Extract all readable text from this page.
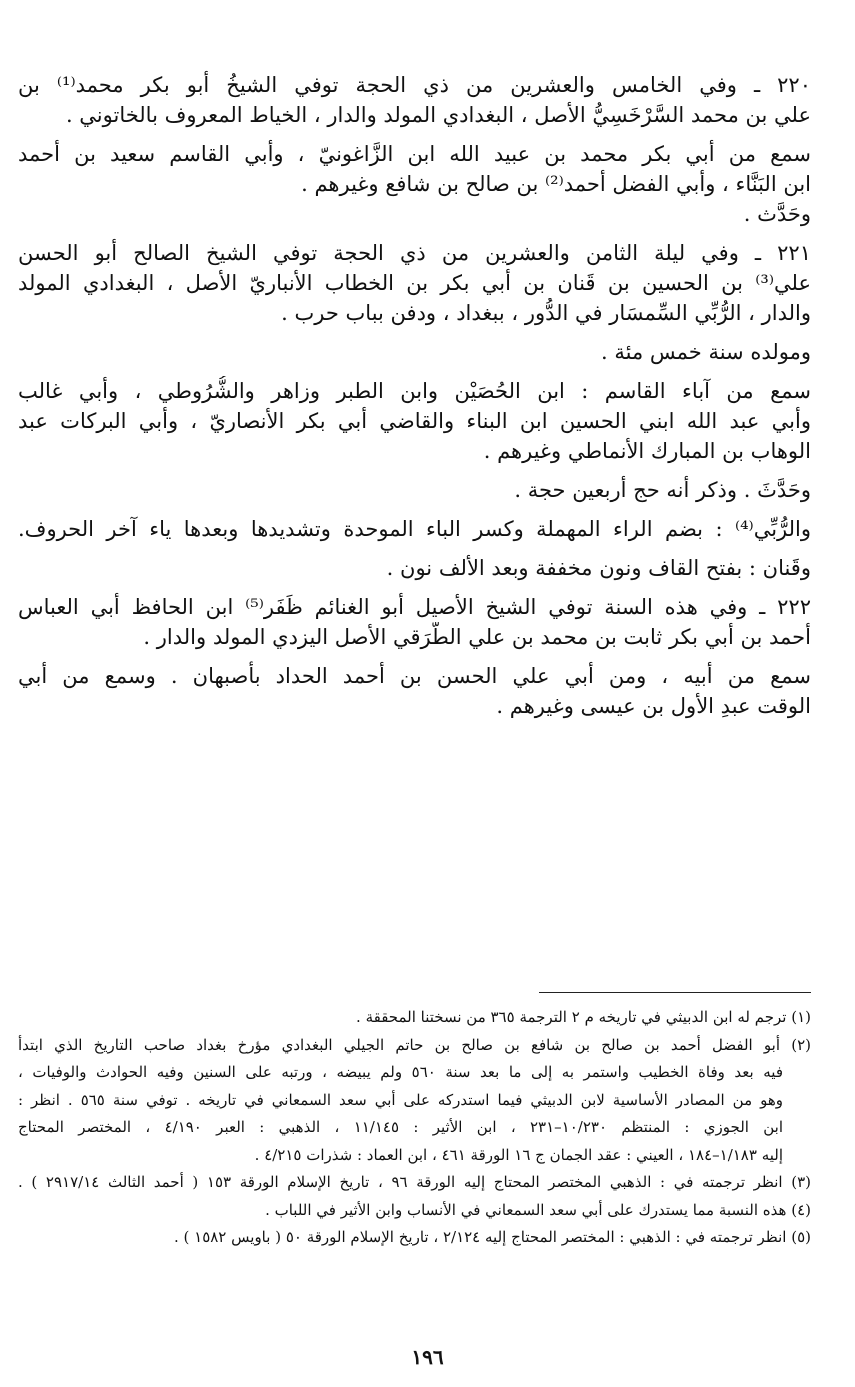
٢٢٠ ـ وفي الخامس والعشرين من ذي الحجة توفي الشيخُ أبو بكر محمد⁽¹⁾ بن
علي بن محمد السَّرْخَسِيُّ الأصل ، البغدادي المولد والدار ، الخياط المعروف بالخاتوني .
سمع من أبي بكر محمد بن عبيد الله ابن الزَّاغونيّ ، وأبي القاسم سعيد بن أحمد
ابن البَنَّاء ، وأبي الفضل أحمد⁽²⁾ بن صالح بن شافع وغيرهم .
وحَدَّث .
٢٢١ ـ وفي ليلة الثامن والعشرين من ذي الحجة توفي الشيخ الصالح أبو الحسن
علي⁽³⁾ بن الحسين بن قَنان بن أبي بكر بن الخطاب الأنباريّ الأصل ، البغدادي المولد
والدار ، الرُّبِّي السِّمسَار في الدُّور ، ببغداد ، ودفن بباب حرب .
ومولده سنة خمس مئة .
سمع من آباء القاسم : ابن الحُصَيْن وابن الطبر وزاهر والشُّرُوطي ، وأبي غالب
وأبي عبد الله ابني الحسين ابن البناء والقاضي أبي بكر الأنصاريّ ، وأبي البركات عبد
الوهاب بن المبارك الأنماطي وغيرهم .
وحَدَّثَ . وذكر أنه حج أربعين حجة .
والرُّبِّي⁽⁴⁾ : بضم الراء المهملة وكسر الباء الموحدة وتشديدها وبعدها ياء آخر الحروف.
وقَنان : بفتح القاف ونون مخففة وبعد الألف نون .
٢٢٢ ـ وفي هذه السنة توفي الشيخ الأصيل أبو الغنائم ظَفَر⁽⁵⁾ ابن الحافظ أبي العباس
أحمد بن أبي بكر ثابت بن محمد بن علي الطَّرَقي الأصل اليزدي المولد والدار .
سمع من أبيه ، ومن أبي علي الحسن بن أحمد الحداد بأصبهان . وسمع من أبي
الوقت عبدِ الأول بن عيسى وغيرهم .
(١) ترجم له ابن الدبيثي في تاريخه م ٢ الترجمة ٣٦٥ من نسختنا المحققة .
(٢) أبو الفضل أحمد بن صالح بن شافع بن صالح بن حاتم الجيلي البغدادي مؤرخ بغداد صاحب التاريخ الذي ابتدأ
فيه بعد وفاة الخطيب واستمر به إلى ما بعد سنة ٥٦٠ ولم يبيضه ، ورتبه على السنين وفيه الحوادث والوفيات ،
وهو من المصادر الأساسية لابن الدبيثي فيما استدركه على أبي سعد السمعاني في تاريخه . توفي سنة ٥٦٥ . انظر :
ابن الجوزي : المنتظم ١٠/٢٣٠–٢٣١ ، ابن الأثير : ١١/١٤٥ ، الذهبي : العبر ٤/١٩٠ ، المختصر المحتاج
إليه ١/١٨٣–١٨٤ ، العيني : عقد الجمان ج ١٦ الورقة ٤٦١ ، ابن العماد : شذرات ٤/٢١٥ .
(٣) انظر ترجمته في : الذهبي المختصر المحتاج إليه الورقة ٩٦ ، تاريخ الإسلام الورقة ١٥٣ ( أحمد الثالث ٢٩١٧/١٤ ) .
(٤) هذه النسبة مما يستدرك على أبي سعد السمعاني في الأنساب وابن الأثير في اللباب .
(٥) انظر ترجمته في : الذهبي : المختصر المحتاج إليه ٢/١٢٤ ، تاريخ الإسلام الورقة ٥٠ ( باويس ١٥٨٢ ) .
١٩٦
